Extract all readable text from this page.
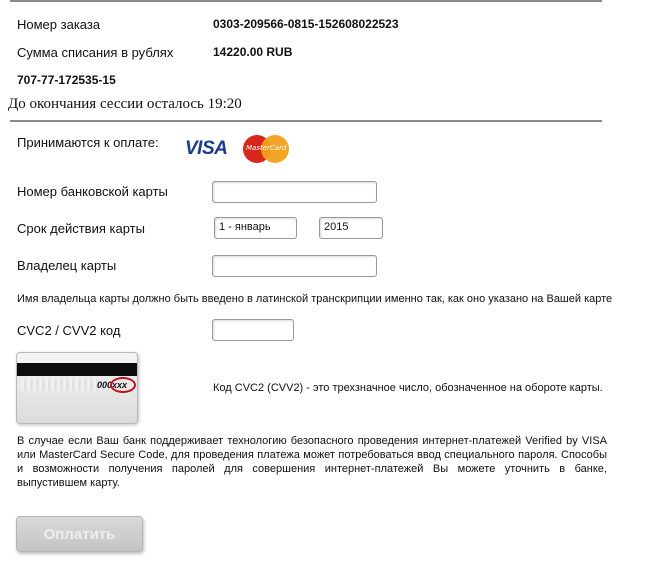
Номер заказа	0303-209566-0815-152608022523
Сумма списания в рублях	14220.00 RUB
707-77-172535-15
До окончания сессии осталось 19:20
Принимаются к оплате: VISA	MasterCard Maestro
Номер банковской карты
Срок действия карты	1 - январь	2015
Владелец карты
Имя владельца карты должно быть введено в латинской транскрипции именно так, как оно указано на Вашей карте
CVC2 / CVV2 код
000xxx	Код CVC2 (CVV2) - это трехзначное число, обозначенное на обороте карты.
В случае если Ваш банк поддерживает технологию безопасного проведения интернет-платежей Verified by VISA или MasterCard Secure Code, для проведения платежа может потребоваться ввод специального пароля. Способы и возможности получения паролей для совершения интернет-платежей Вы можете уточнить в банке, выпустившем карту.
Оплатить
